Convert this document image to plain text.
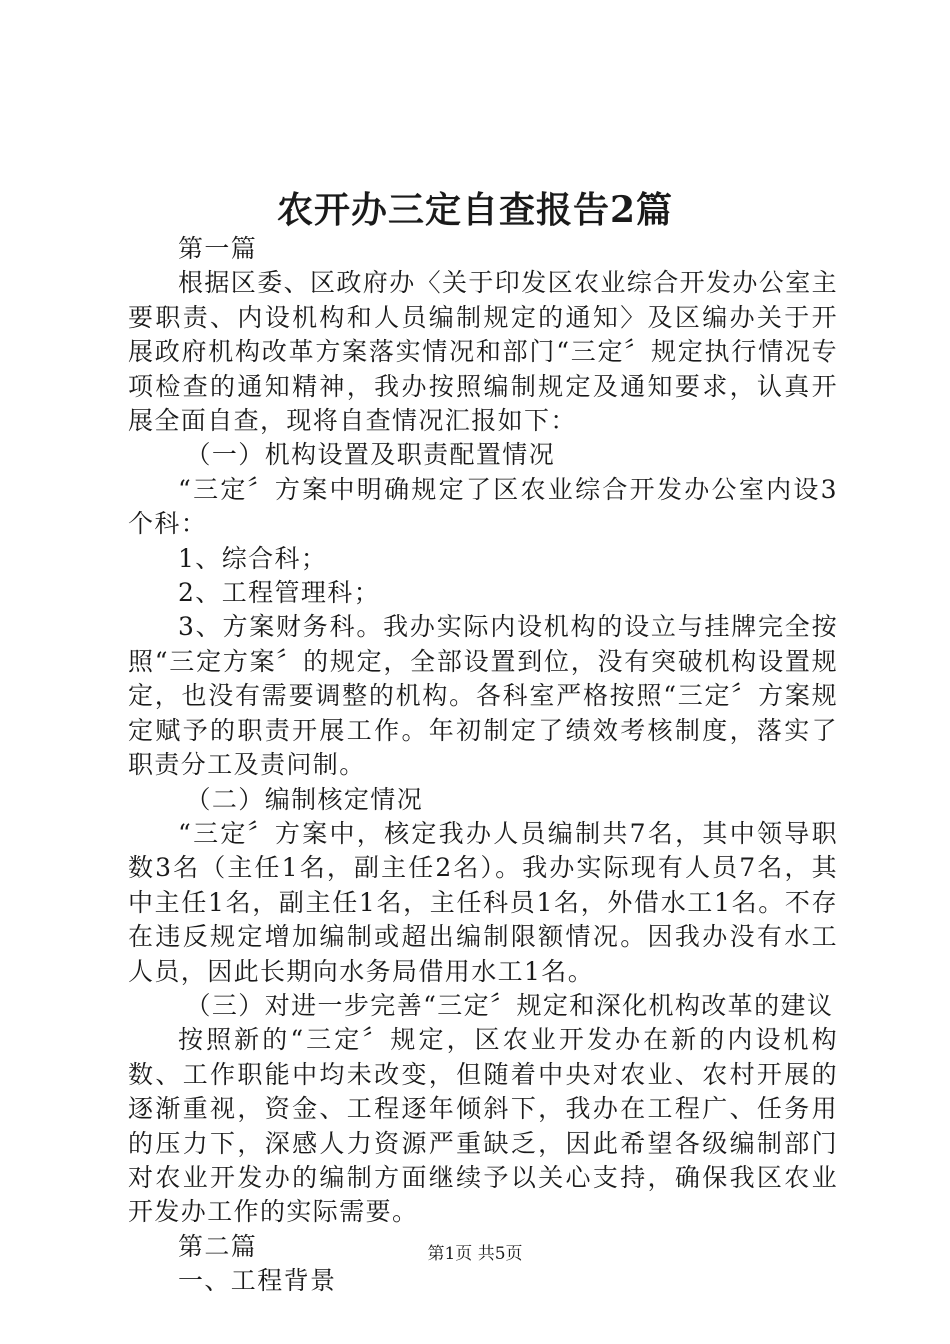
农开办三定自查报告2篇

第一篇

根据区委、区政府办〈关于印发区农业综合开发办公室主要职责、内设机构和人员编制规定的通知〉及区编办关于开展政府机构改革方案落实情况和部门“三定〞规定执行情况专项检查的通知精神，我办按照编制规定及通知要求，认真开展全面自查，现将自查情况汇报如下：

（一）机构设置及职责配置情况

“三定〞方案中明确规定了区农业综合开发办公室内设3个科：

1、综合科；

2、工程管理科；

3、方案财务科。我办实际内设机构的设立与挂牌完全按照“三定方案〞的规定，全部设置到位，没有突破机构设置规定，也没有需要调整的机构。各科室严格按照“三定〞方案规定赋予的职责开展工作。年初制定了绩效考核制度，落实了职责分工及责问制。

（二）编制核定情况

“三定〞方案中，核定我办人员编制共7名，其中领导职数3名（主任1名，副主任2名）。我办实际现有人员7名，其中主任1名，副主任1名，主任科员1名，外借水工1名。不存在违反规定增加编制或超出编制限额情况。因我办没有水工人员，因此长期向水务局借用水工1名。

（三）对进一步完善“三定〞规定和深化机构改革的建议

按照新的“三定〞规定，区农业开发办在新的内设机构数、工作职能中均未改变，但随着中央对农业、农村开展的逐渐重视，资金、工程逐年倾斜下，我办在工程广、任务用的压力下，深感人力资源严重缺乏，因此希望各级编制部门对农业开发办的编制方面继续予以关心支持，确保我区农业开发办工作的实际需要。

第二篇

一、工程背景

第1页 共5页
